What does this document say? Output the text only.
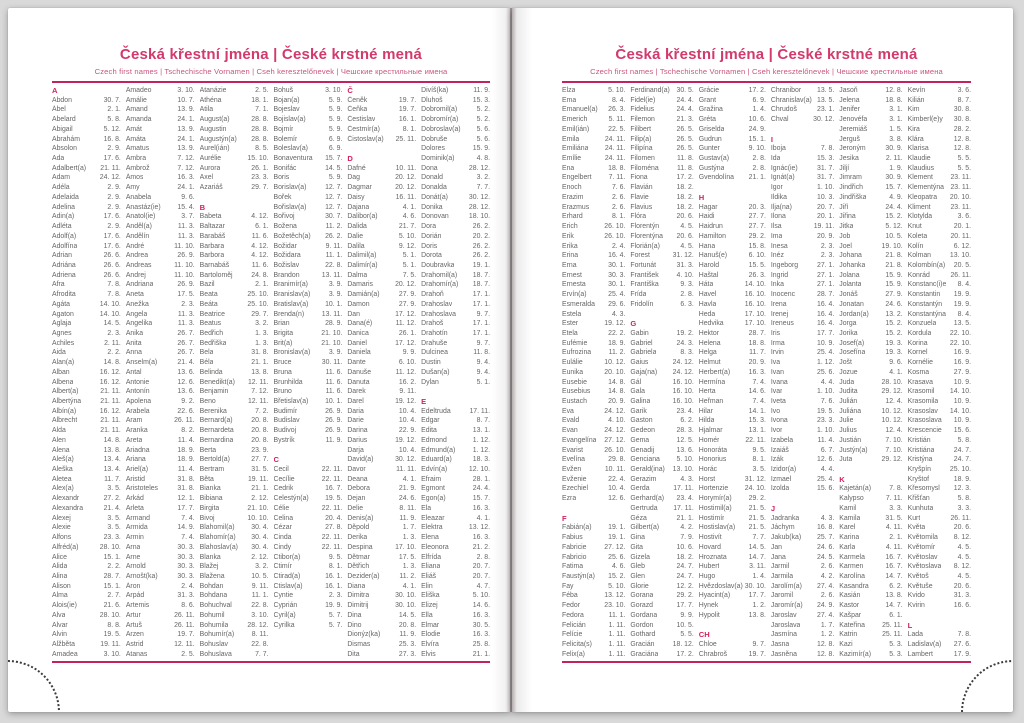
Česká křestní jména | České krstné mená
Czech first names | Tschechische Vornamen | Cseh keresztelőnevek | Чешские крестильные имена
A
Abdon	30. 7.
Ábel	2. 1.
Abelard	5. 8.
Abigail	5. 12.
Abrahám	16. 8.
Absolon	2. 9.
Ada	17. 6.
Adalbert(a) 21. 11.
Adam	24. 12.
Adéla	2. 9.
Adelaida	2. 9.
Adelina	2. 9.
Adin(a)	17. 6.
Adléta	2. 9.
Adolf(a)	17. 6.
Adolfína	17. 6.
Adrian	26. 6.
Adriána	26. 6.
Adriena	26. 6.
Afra	7. 8.
Afrodita	7. 8.
Agáta	14. 10.
Agaton	14. 10.
Aglaja	14. 5.
Agnes	2. 3.
Achiles	2. 11.
Aida	2. 2.
Alan(a)	14. 8.
Alban	16. 12.
Albena	16. 12.
Albert(a)	21. 11.
Albertýna	21. 11.
Albín(a)	16. 12.
Albrecht	21. 11.
Alda	21. 11.
Alen	14. 8.
Alena	13. 8.
Aleš(a)	13. 4.
Aleška	13. 4.
Aletea	11. 7.
Alex(a)	3. 5.
Alexandr	27. 2.
Alexandra	21. 4.
Alexej	3. 5.
Alexie	3. 5.
Alfons	23. 3.
Alfréd(a)	28. 10.
Alice	15. 1.
Alida	2. 2.
Alina	28. 7.
Alison	15. 1.
Alma	2. 7.
Alois(ie)	21. 6.
Alva	28. 10.
Alvar	8. 8.
Alvin	19. 5.
Alžběta	19. 11.
Amadea	3. 10.
Amadeo	3. 10.
Amálie	10. 7.
Amand	13. 9.
Amanda	24. 1.
Amát	13. 9.
Amáta	24. 1.
Amatus	13. 9.
Ambra	7. 12.
Ambrož	7. 12.
Ámos	16. 3.
Amy	24. 1.
Anabela	9. 6.
Anastáz(ie) 15. 4.
Anatol(ie)	3. 7.
Anděl(a)	11. 3.
Andělín	11. 3.
André	11. 10.
Andrea	26. 9.
Andreas	11. 10.
Andrej	11. 10.
Andriana	26. 9.
Aneta	17. 5.
Anežka	2. 3.
Angela	11. 3.
Angelika	11. 3.
Anika	26. 7.
Anita	26. 7.
Anna	26. 7.
Anselm(a)	21. 4.
Antal	13. 6.
Antonie	12. 6.
Antonín	13. 6.
Apolena	9. 2.
Arabela	22. 6.
Aram	26. 11.
Aranka	8. 2.
Areta	11. 4.
Ariadna	18. 9.
Ariana	18. 9.
Ariel(a)	11. 4.
Aristid	31. 8.
Aristoteles	31. 8.
Arkád	12. 1.
Arleta	17. 7.
Armand	7. 4.
Armida	14. 9.
Armin	7. 4.
Arna	30. 3.
Arne	30. 3.
Arnold	30. 3.
Arnošt(ka)	30. 3.
Áron	2. 4.
Arpád	31. 3.
Artemis	8. 6.
Artur	26. 11.
Artuš	26. 11.
Arzen	19. 7.
Astrid	12. 11.
Atanas	2. 5.
Atanázie	2. 5.
Athéna	18. 1.
Atila	7. 1.
August(a)	28. 8.
Augustin	28. 8.
Augustýn(a) 28. 8.
Aurel(ián)	8. 5.
Aurélie	15. 10.
Aurora	26. 1.
Axel	23. 3.
Azariáš	29. 7.
B
Babeta	4. 12.
Baltazar	6. 1.
Barabáš	11. 6.
Barbara	4. 12.
Barbora	4. 12.
Barnabáš	11. 6.
Bartoloměj	24. 8.
Bazil	2. 1.
Beata	25. 10.
Beáta	25. 10.
Beatrice	29. 7.
Beatus	3. 2.
Bedřich	1. 3.
Bedřiška	1. 3.
Bela	31. 8.
Béla	21. 1.
Belinda	13. 8.
Benedikt(a) 12. 11.
Benjamin	7. 12.
Beno	12. 11.
Berenika	7. 2.
Bernard(a)	20. 8.
Bernardeta	20. 8.
Bernardina	20. 8.
Berta	23. 9.
Bertold(a)	27. 7.
Bertram	31. 5.
Běta	19. 11.
Bianka	21. 1.
Bibiana	2. 12.
Birgita	21. 10.
Bivoj	10. 10.
Blahomil(a) 30. 4.
Blahomír(a) 30. 4.
Blahoslav(a) 30. 4.
Blanka	2. 12.
Blažej	3. 2.
Blažena	10. 5.
Bohdan	9. 11.
Bohdana	11. 1.
Bohuchval	22. 8.
Bohumil	3. 10.
Bohumila	28. 12.
Bohumír(a)	8. 11.
Bohuslav	22. 8.
Bohuslava	7. 7.
Bohuš	3. 10.
Bojan(a)	5. 9.
Bojeslav	5. 9.
Bojislav(a)	5. 9.
Bojmír	5. 9.
Bolemír	6. 9.
Boleslav(a)	6. 9.
Bonaventura 15. 7.
Bonifác	14. 5.
Boris	5. 9.
Borislav(a)	12. 7.
Bořek	12. 7.
Bořislav(a)	12. 7.
Bořivoj	30. 7.
Božena	11. 2.
Božetěch(a) 26. 2.
Božidar	9. 11.
Božidara	11. 1.
Božislav	22. 8.
Brandon	13. 11.
Branimír(a)	3. 9.
Branislav(a)	3. 9.
Bratislav(a) 10. 1.
Brenda(n)	13. 11.
Brian	28. 9.
Brigita	21. 10.
Brit(a)	21. 10.
Bronislav(a)	3. 9.
Bruce	30. 11.
Bruna	11. 6.
Brunhilda	11. 6.
Bruno	11. 6.
Břetislav(a) 10. 1.
Budimír	26. 9.
Budislav	26. 9.
Budivoj	26. 9.
Bystrík	11. 9.
C
Cecil	22. 11.
Cecílie	22. 11.
Cedrik	16. 7.
Celestýn(a) 19. 5.
Célie	22. 11.
Celina	20. 4.
Cézar	27. 8.
Cinda	22. 11.
Cindy	22. 11.
Ctibor(a)	9. 5.
Ctimír	8. 1.
Ctirad(a)	16. 1.
Ctislav(a)	16. 1.
Cyntie	2. 3.
Cyprián	19. 9.
Cyril(a)	5. 7.
Cyrilka	5. 7.
Č
Čeněk	19. 7.
Čeňka	19. 7.
Čestislav	16. 1.
Čestmír(a)	8. 1.
Čistoslav(a) 25. 11.
D
Dafné	10. 11.
Dag	20. 12.
Dagmar	20. 12.
Daisy	16. 11.
Dajana	4. 1.
Dalibor(a)	4. 6.
Dalida	21. 7.
Dalie	5. 10.
Dalila	9. 12.
Dalimil(a)	5. 1.
Dalimír(a)	5. 1.
Dalma	7. 5.
Damaris	20. 12.
Damián(a)	27. 9.
Damon	27. 9.
Dan	17. 12.
Dana(é)	11. 12.
Danica	26. 1.
Daniel	17. 12.
Daniela	9. 9.
Dante	6. 10.
Danuše	11. 12.
Danuta	16. 2.
Darek	9. 11.
Darel	19. 12.
Daria	10. 4.
Darie	10. 4.
Darina	22. 9.
Darius	19. 12.
Darja	10. 4.
David(a)	30. 12.
Davor	11. 11.
Deana	4. 1.
Debora	21. 9.
Dejan	24. 6.
Delie	8. 11.
Denis(a)	11. 9.
Děpold	1. 7.
Derika	1. 3.
Despina	17. 10.
Dětmar	17. 5.
Dětřich	1. 3.
Dezider(a)	11. 2.
Diana	4. 1.
Dimitra	30. 10.
Dimitrij	30. 10.
Dina	14. 5.
Dino	20. 8.
Dionýz(ka)	11. 9.
Dismas	25. 3.
Dita	27. 3.
Divíš(ka)	11. 9.
Dluhoš	15. 3.
Dobromil(a)	5. 2.
Dobromír(a)	5. 2.
Dobroslav(a) 5. 6.
Dobruše	5. 6.
Dolores	15. 9.
Dominik(a)	4. 8.
Dona	28. 12.
Donald	3. 2.
Donalda	7. 7.
Donát(a)	30. 12.
Donika	28. 12.
Donovan	18. 10.
Dora	26. 2.
Dorián	20. 2.
Doris	26. 2.
Dorota	26. 2.
Doubravka	19. 1.
Drahomil(a) 18. 7.
Drahomír(a) 18. 7.
Drahoň	17. 1.
Drahoslav	17. 1.
Drahoslava	9. 7.
Drahoš	17. 1.
Drahotín	17. 1.
Drahuše	9. 7.
Dulcinea	11. 8.
Dustin	9. 4.
Dušan(a)	9. 4.
Dylan	5. 1.
E
Edeltruda	17. 11.
Edgar	8. 7.
Edita	13. 1.
Edmond	1. 12.
Edmund(a)	1. 12.
Eduard(a)	18. 3.
Edvín(a)	12. 10.
Efraim	28. 1.
Egmont	24. 4.
Egon(a)	15. 7.
Ela	16. 3.
Eleazar	4. 1.
Elektra	13. 12.
Elena	16. 3.
Eleonora	21. 2.
Elfrída	2. 8.
Eliana	20. 7.
Eliáš	20. 7.
Elin	4. 7.
Eliška	5. 10.
Elizej	14. 6.
Ella	16. 3.
Elmar	30. 5.
Elodie	16. 3.
Elvíra	25. 8.
Elvis	21. 1.
Česká křestní jména | České krstné mená
Czech first names | Tschechische Vornamen | Cseh keresztelőnevek | Чешские крестильные имена
Elza	5. 10.
Ema	8. 4.
Emanuel(a) 26. 3.
Emerich	5. 11.
Emil(ián)	22. 5.
Emila	24. 11.
Emiliána 24. 11.
Emílie	24. 11.
Ena	18. 8.
Engelbert 7. 11.
Enoch	7. 6.
Erazim	2. 6.
Erazmus	2. 6.
Erhard	8. 1.
Erich	26. 10.
Erik	26. 10.
Erika	2. 4.
Erina	16. 4.
Erna	30. 1.
Ernest	30. 3.
Ernesta	30. 1.
Ervín(a)	25. 4.
Esmeralda 29. 6.
Estela	4. 3.
Ester	19. 12.
Etela	22. 2.
Eufémie	18. 9.
Eufrozina	11. 2.
Eulálie	10. 12.
Eunika	20. 10.
Eusebie	14. 8.
Eusebius	14. 8.
Eustach	20. 9.
Eva	24. 12.
Evald	4. 10.
Evan	24. 12.
Evangelína 27. 12.
Evarist	26. 10.
Evelína	29. 8.
Evžen	10. 11.
Evženie	22. 4.
Ezechiel	10. 4.
Ezra	12. 6.
F
Fabián(a) 19. 1.
Fabius	19. 1.
Fabricie	27. 12.
Fabricio	25. 6.
Fatima	4. 6.
Faustýn(a) 15. 2.
Fay	5. 10.
Féba	13. 12.
Fedor	23. 10.
Fedora	11. 1.
Felicián	1. 11.
Felície	1. 11.
Felicita(s) 1. 11.
Felix(a)	1. 11.
Ferdinand(a) 30. 5.
Fidel(ie)	24. 4.
Fidelius	24. 4.
Filemon	21. 3.
Filibert	26. 5.
Filip(a)	26. 5.
Filipína	26. 5.
Filomen	11. 8.
Filoména	11. 8.
Fiona	17. 2.
Flavián	18. 2.
Flavie	18. 2.
Flavius	18. 2.
Flóra	20. 6.
Florentýn	4. 5.
Florentýna 20. 6.
Florián(a)	4. 5.
Forest	31. 12.
Fortunát	31. 3.
František	4. 10.
Františka	9. 3.
Frída	2. 8.
Fridolín	6. 3.
G
Gabin	19. 2.
Gabriel	24. 3.
Gabriela	8. 3.
Gaius	24. 12.
Gaja(na) 24. 12.
Gál	16. 10.
Gala	16. 10.
Galina	16. 10.
Garik	23. 4.
Gaston	6. 2.
Gedeon	28. 3.
Gema	12. 5.
Genadij	13. 6.
Genciana 5. 10.
Gerald(ina) 13. 10.
Gerazim	4. 3.
Gerda	17. 11.
Gerhard(a) 23. 4.
Gertruda 17. 11.
Géza	21. 1.
Gilbert(a)	4. 2.
Gina	7. 9.
Gita	10. 6.
Gizela	18. 2.
Gleb	24. 7.
Glen	24. 7.
Glorie	12. 2.
Gorana	29. 2.
Gorazd	17. 7.
Gordana	9. 9.
Gordon	10. 5.
Gothard	5. 5.
Gracián	18. 12.
Graciána	17. 2.
Grácie	17. 2.
Grant	6. 9.
Gražina	1. 4.
Gréta	10. 6.
Griselda	24. 9.
Gudrun	15. 1.
Gunter	9. 10.
Gustav(a)	2. 8.
Gustýna	2. 8.
Gvendolína 21. 1.
H
Hagar	20. 3.
Haidi	27. 7.
Haidrun	27. 7.
Hamilton	29. 2.
Hana	15. 8.
Hanuš(e)	6. 10.
Harold	15. 5.
Haštal	26. 3.
Háta	14. 10.
Havel	16. 10.
Havla	16. 10.
Heda	17. 10.
Hedvika	17. 10.
Hektor	28. 7.
Helena	18. 8.
Helga	11. 7.
Helmut	20. 9.
Herbert(a)	16. 3.
Hermína	7. 4.
Herta	14. 6.
Heřman	7. 4.
Hilar	14. 1.
Hilda	15. 3.
Hjalmar	13. 1.
Homér	22. 11.
Honoráta	9. 5.
Honorius	8. 1.
Horác	3. 5.
Horst	31. 12.
Hortenzie 24. 10.
Horymír(a) 29. 2.
Hostimil(a) 21. 5.
Hostimír	21. 5.
Hostislav(a) 21. 5.
Hostivít	7. 7.
Hovard	14. 5.
Hroznata	14. 7.
Hubert	3. 11.
Hugo	1. 4.
Hvězdoslav(a) 30. 10.
Hyacint(a)	17. 7.
Hynek	1. 2.
Hypolit	13. 8.
CH
Chloe	9. 7.
Chrabroš	19. 7.
Chranibor 13. 5.
Chranislav(a) 13. 5.
Chrudoš	23. 1.
Chval	30. 12.
I
Iboja	7. 8.
Ida	15. 3.
Ignác(ie)	31. 7.
Ignát(a)	31. 7.
Igor	1. 10.
Ildika	10. 3.
Ilja(na)	20. 7.
Ilona	20. 1.
Ilsa	19. 11.
Ima	20. 9.
Inesa	2. 3.
Inéz	2. 3.
Ingeborg	27. 1.
Ingrid	27. 1.
Inka	27. 1.
Inocenc	28. 7.
Irena	16. 4.
Irenej	16. 4.
Ireneus	16. 4.
Iris	17. 7.
Irma	10. 9.
Irvin	25. 4.
Iva	1. 12.
Ivan	25. 6.
Ivana	4. 4.
Ivar	1. 10.
Iveta	7. 6.
Ivo	19. 5.
Ivona	23. 3.
Ivor	1. 10.
Izabela	11. 4.
Izaiáš	6. 7.
Izák	12. 6.
Izidor(a)	4. 4.
Izmael	25. 4.
Izolda	15. 6.
J
Jadranka	4. 3.
Jáchym	16. 8.
Jakub(ka) 25. 7.
Jan	24. 6.
Jana	24. 5.
Jarmil	2. 6.
Jarmila	4. 2.
Jarolím(a) 27. 4.
Jaromil	2. 6.
Jaromír(a) 24. 9.
Jaroslav	27. 4.
Jaroslava	1. 7.
Jasmína	1. 2.
Jasna	12. 8.
Jasněna	12. 8.
Jasoň	12. 8.
Jelena	18. 8.
Jenifer	3. 1.
Jenovéfa	3. 1.
Jeremiáš	1. 5.
Jerguš	3. 8.
Jeroným	30. 9.
Jesika	2. 11.
Jiljí	1. 9.
Jimram	30. 9.
Jindřich	15. 7.
Jindřiška	4. 9.
Jiří	24. 4.
Jiřina	15. 2.
Jitka	5. 12.
Job	10. 5.
Joel	19. 10.
Johana	21. 8.
Johanka	21. 8.
Jolana	15. 9.
Jolanta	15. 9.
Jonáš	27. 9.
Jonatan	24. 6.
Jordan(a) 13. 2.
Jorga	15. 2.
Jorika	15. 2.
Josef(a)	19. 3.
Josefína	19. 3.
Jošt	9. 6.
Jozue	4. 1.
Juda	28. 10.
Judita	29. 12.
Julián	12. 4.
Juliána	10. 12.
Julie	10. 12.
Julius	12. 4.
Justián	7. 10.
Justýn(a)	7. 10.
Juta	29. 12.
K
Kajetán(a)	7. 8.
Kalypso	7. 11.
Kamil	3. 3.
Kamila	31. 5.
Karel	4. 11.
Karina	2. 1.
Karla	4. 11.
Karmela	16. 7.
Karmen	16. 7.
Karolína	14. 7.
Kasandra	6. 2.
Kasián	13. 8.
Kastor	14. 7.
Kašpar	6. 1.
Kateřina 25. 11.
Katrin	25. 11.
Kazi	5. 3.
Kazimír(a)	5. 3.
Kevín	3. 6.
Kilián	8. 7.
Kim	30. 8.
Kimberl(e)y 30. 8.
Kira	28. 2.
Klára	12. 8.
Klarisa	12. 8.
Klaudie	5. 5.
Klaudius	5. 5.
Klement	23. 11.
Klementýna 23. 11.
Kleopatra 20. 10.
Kliment	23. 11.
Klotylda	3. 6.
Knut	20. 1.
Koleta	20. 11.
Kolín	6. 12.
Kolman	13. 10.
Kolombín(a) 20. 5.
Konrád	26. 11.
Konstanc(i)e 8. 4.
Konstantin 19. 9.
Konstantýn 19. 9.
Konstantýna 8. 4.
Konzuela	13. 5.
Kordula	22. 10.
Korina	22. 10.
Kornel	16. 9.
Kornélie	16. 9.
Kosma	27. 9.
Krasava	10. 9.
Krasomil 14. 10.
Krasomila 10. 9.
Krasoslav 14. 10.
Krasoslava 10. 9.
Krescencie 15. 6.
Kristián	5. 8.
Kristiána	24. 7.
Kristýna	24. 7.
Kryšpín	25. 10.
Kryštof	18. 9.
Křesomysl 12. 3.
Křišťan	5. 8.
Kunhuta	3. 3.
Kurt	26. 11.
Květa	20. 6.
Květomila 8. 12.
Květomír	4. 5.
Květoslav	4. 5.
Květoslava 8. 12.
Květoš	4. 5.
Květuše	20. 6.
Kvido	31. 3.
Kvirin	16. 6.
L
Lada	7. 8.
Ladislav(a) 27. 6.
Lambert	17. 9.
